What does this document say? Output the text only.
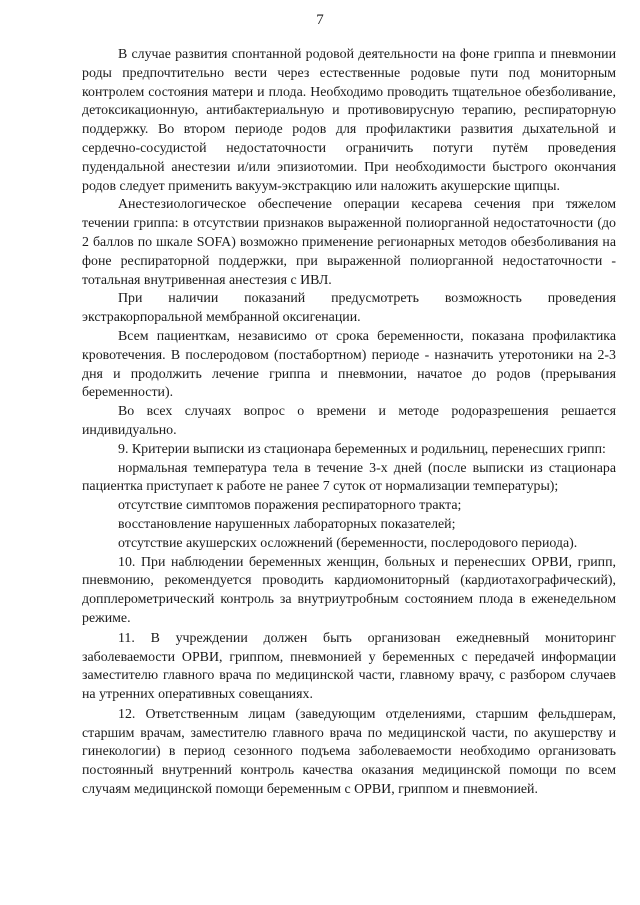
7

В случае развития спонтанной родовой деятельности на фоне гриппа и пневмонии роды предпочтительно вести через естественные родовые пути под мониторным контролем состояния матери и плода. Необходимо проводить тщательное обезболивание, детоксикационную, антибактериальную и противовирусную терапию, респираторную поддержку. Во втором периоде родов для профилактики развития дыхательной и сердечно-сосудистой недостаточности ограничить потуги путём проведения пудендальной анестезии и/или эпизиотомии. При необходимости быстрого окончания родов следует применить вакуум-экстракцию или наложить акушерские щипцы.

Анестезиологическое обеспечение операции кесарева сечения при тяжелом течении гриппа: в отсутствии признаков выраженной полиорганной недостаточности (до 2 баллов по шкале SOFA) возможно применение регионарных методов обезболивания на фоне респираторной поддержки, при выраженной полиорганной недостаточности - тотальная внутривенная анестезия с ИВЛ.

При наличии показаний предусмотреть возможность проведения экстракорпоральной мембранной оксигенации.

Всем пациенткам, независимо от срока беременности, показана профилактика кровотечения. В послеродовом (постабортном) периоде - назначить утеротоники на 2-3 дня и продолжить лечение гриппа и пневмонии, начатое до родов (прерывания беременности).

Во всех случаях вопрос о времени и методе родоразрешения решается индивидуально.

9. Критерии выписки из стационара беременных и родильниц, перенесших грипп:

нормальная температура тела в течение 3-х дней (после выписки из стационара пациентка приступает к работе не ранее 7 суток от нормализации температуры);

отсутствие симптомов поражения респираторного тракта;

восстановление нарушенных лабораторных показателей;

отсутствие акушерских осложнений (беременности, послеродового периода).

10. При наблюдении беременных женщин, больных и перенесших ОРВИ, грипп, пневмонию, рекомендуется проводить кардиомониторный (кардиотахографический), допплерометрический контроль за внутриутробным состоянием плода в еженедельном режиме.

11. В учреждении должен быть организован ежедневный мониторинг заболеваемости ОРВИ, гриппом, пневмонией у беременных с передачей информации заместителю главного врача по медицинской части, главному врачу, с разбором случаев на утренних оперативных совещаниях.

12. Ответственным лицам (заведующим отделениями, старшим фельдшерам, старшим врачам, заместителю главного врача по медицинской части, по акушерству и гинекологии) в период сезонного подъема заболеваемости необходимо организовать постоянный внутренний контроль качества оказания медицинской помощи по всем случаям медицинской помощи беременным с ОРВИ, гриппом и пневмонией.
